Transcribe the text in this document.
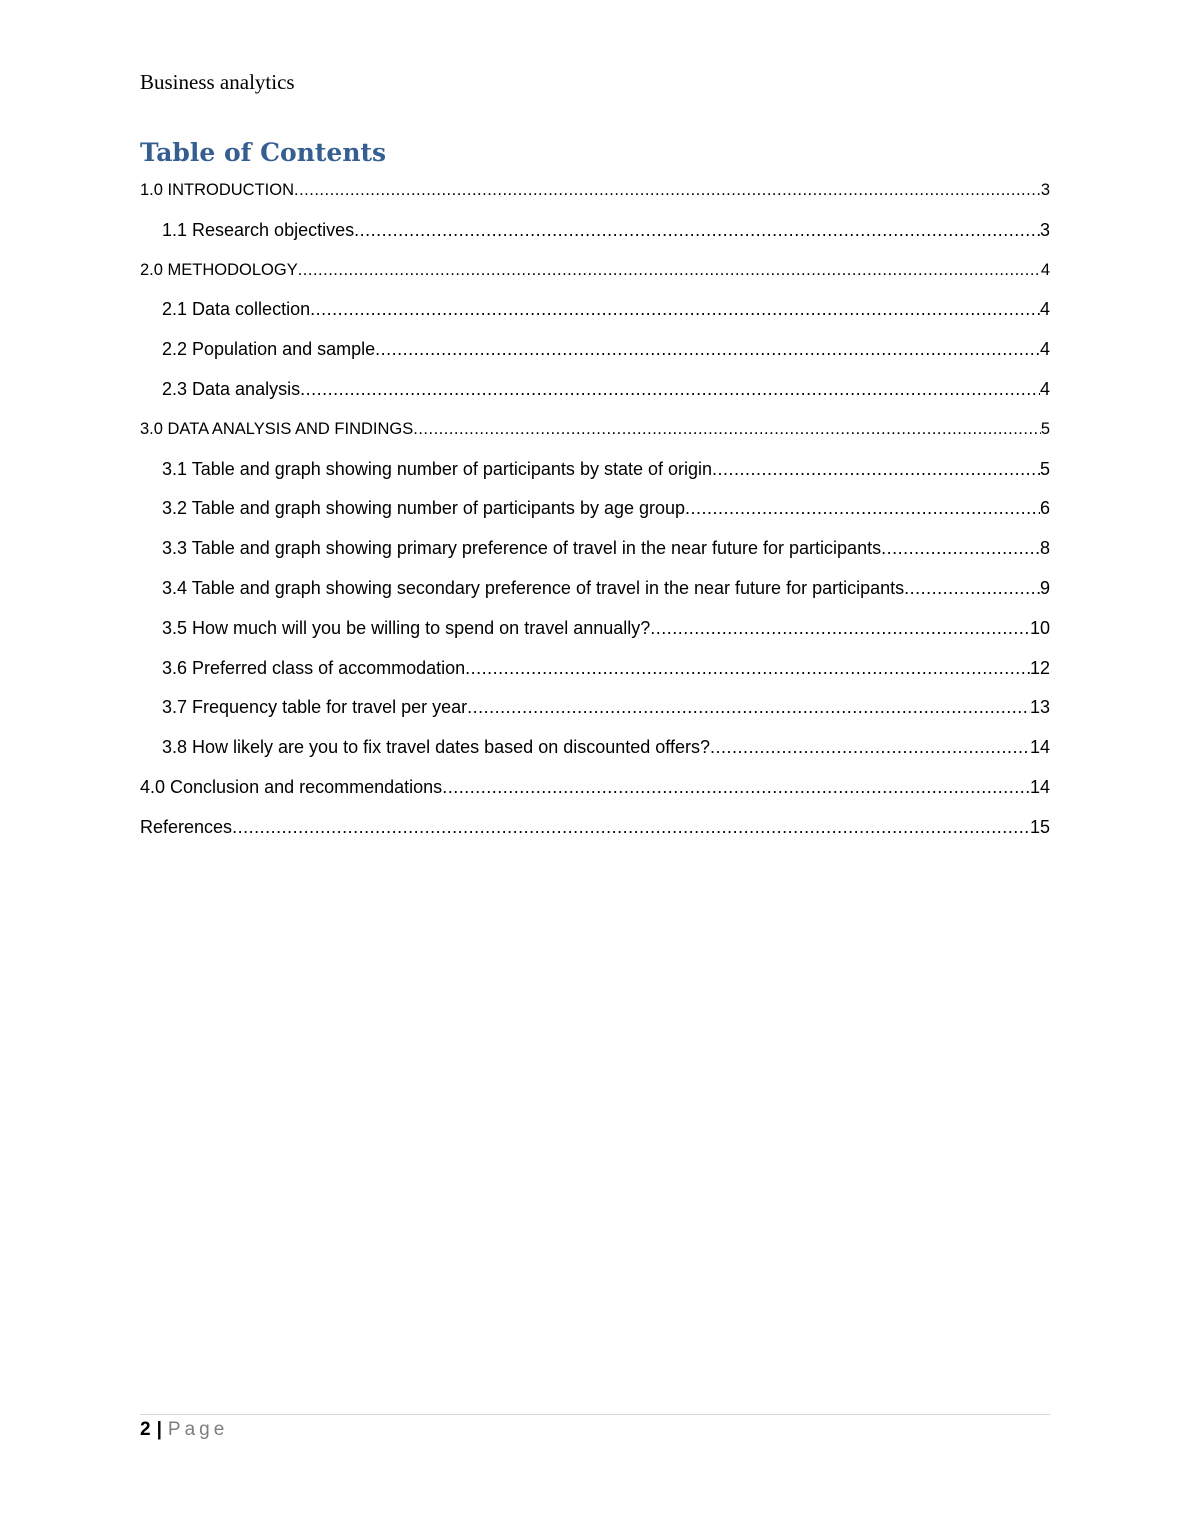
Business analytics
Table of Contents
1.0 INTRODUCTION .....	3
1.1 Research objectives .....	3
2.0 METHODOLOGY .....	4
2.1 Data collection .....	4
2.2 Population and sample .....	4
2.3 Data analysis .....	4
3.0 DATA ANALYSIS AND FINDINGS .....	5
3.1 Table and graph showing number of participants by state of origin .....	5
3.2 Table and graph showing number of participants by age group .....	6
3.3 Table and graph showing primary preference of travel in the near future for participants .....	8
3.4 Table and graph showing secondary preference of travel in the near future for participants .....	9
3.5 How much will you be willing to spend on travel annually? .....	10
3.6 Preferred class of accommodation .....	12
3.7 Frequency table for travel per year .....	13
3.8 How likely are you to fix travel dates based on discounted offers? .....	14
4.0 Conclusion and recommendations .....	14
References .....	15
2 | Page
